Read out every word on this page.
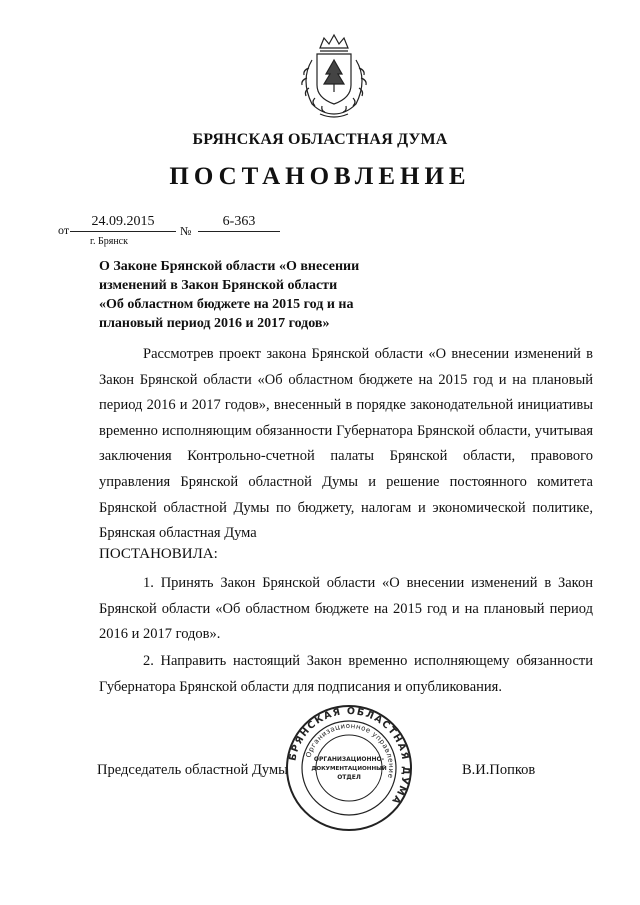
БРЯНСКАЯ ОБЛАСТНАЯ ДУМА
ПОСТАНОВЛЕНИЕ
от
24.09.2015
№
6-363
г. Брянск
О Законе Брянской области «О внесении
изменений в Закон Брянской области
«Об областном бюджете на 2015 год и на
плановый период 2016 и 2017 годов»
Рассмотрев проект закона Брянской области «О внесении изменений в Закон Брянской области «Об областном бюджете на 2015 год и на плановый период 2016 и 2017 годов», внесенный в порядке законодательной инициативы временно исполняющим обязанности Губернатора Брянской области, учитывая заключения Контрольно-счетной палаты Брянской области, правового управления Брянской областной Думы и решение постоянного комитета Брянской областной Думы по бюджету, налогам и экономической политике, Брянская областная Дума
ПОСТАНОВИЛА:
1. Принять Закон Брянской области «О внесении изменений в Закон Брянской области «Об областном бюджете на 2015 год и на плановый период 2016 и 2017 годов».
2. Направить настоящий Закон временно исполняющему обязанности Губернатора Брянской области для подписания и опубликования.
Председатель областной Думы	В.И.Попков
БРЯНСКАЯ ОБЛАСТНАЯ ДУМА
Организационное управление
ОРГАНИЗАЦИОННО-
ДОКУМЕНТАЦИОННЫЙ
ОТДЕЛ
